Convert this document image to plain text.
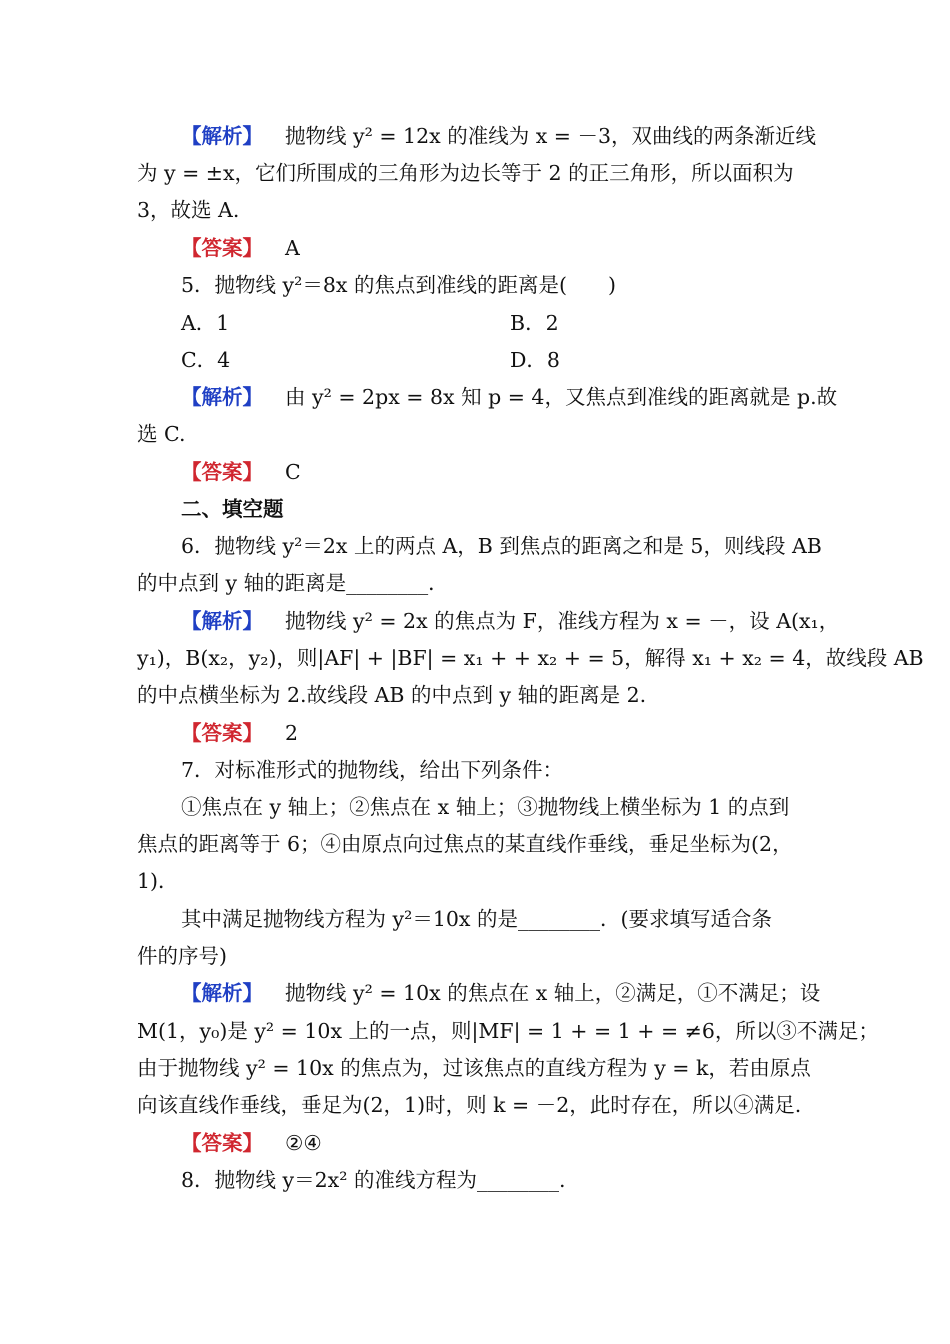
【解析】 抛物线 y² = 12x 的准线为 x = －3，双曲线的两条渐近线
为 y = ±x，它们所围成的三角形为边长等于 2 的正三角形，所以面积为
3，故选 A.
【答案】 A
5．抛物线 y²＝8x 的焦点到准线的距离是(　　)
A．1	B．2
C．4	D．8
【解析】 由 y² = 2px = 8x 知 p = 4，又焦点到准线的距离就是 p.故
选 C.
【答案】 C
二、填空题
6．抛物线 y²＝2x 上的两点 A，B 到焦点的距离之和是 5，则线段 AB
的中点到 y 轴的距离是________．
【解析】 抛物线 y² = 2x 的焦点为 F，准线方程为 x = －，设 A(x₁，
y₁)，B(x₂，y₂)，则|AF| + |BF| = x₁ + + x₂ + = 5，解得 x₁ + x₂ = 4，故线段 AB
的中点横坐标为 2.故线段 AB 的中点到 y 轴的距离是 2.
【答案】 2
7．对标准形式的抛物线，给出下列条件：
①焦点在 y 轴上；②焦点在 x 轴上；③抛物线上横坐标为 1 的点到
焦点的距离等于 6；④由原点向过焦点的某直线作垂线，垂足坐标为(2，
1)．
其中满足抛物线方程为 y²＝10x 的是________．(要求填写适合条
件的序号)
【解析】 抛物线 y² = 10x 的焦点在 x 轴上，②满足，①不满足；设
M(1，y₀)是 y² = 10x 上的一点，则|MF| = 1 + = 1 + = ≠6，所以③不满足；
由于抛物线 y² = 10x 的焦点为，过该焦点的直线方程为 y = k，若由原点
向该直线作垂线，垂足为(2，1)时，则 k = －2，此时存在，所以④满足.
【答案】 ②④
8．抛物线 y＝2x² 的准线方程为________.
